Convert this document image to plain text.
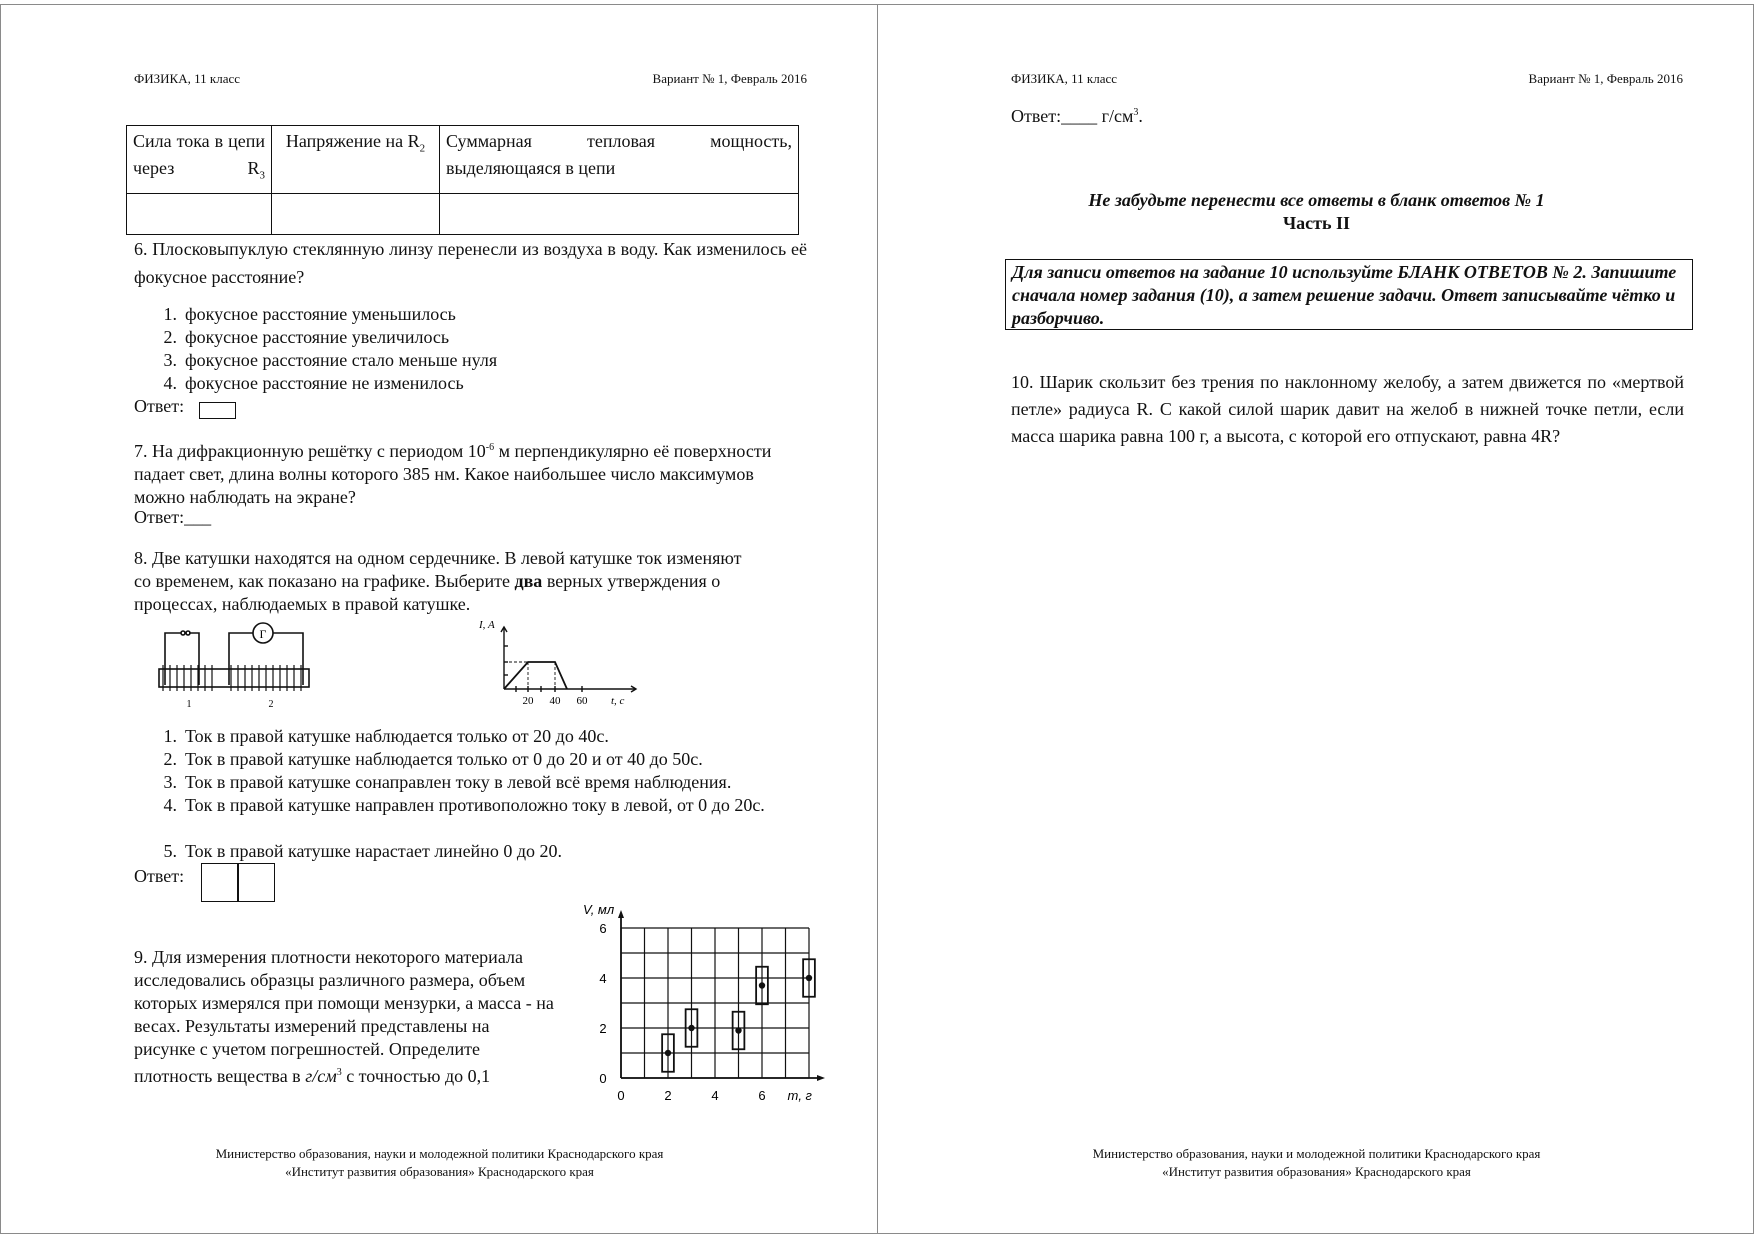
ФИЗИКА, 11 класс	Вариант № 1, Февраль 2016
Сила тока в цепи через $R_3$	Напряжение на $R_2$	Суммарная тепловая мощность, выделяющаяся в цепи

6. Плосковыпуклую стеклянную линзу перенесли из воздуха в воду. Как изменилось её фокусное расстояние?
1. фокусное расстояние уменьшилось
2. фокусное расстояние увеличилось
3. фокусное расстояние стало меньше нуля
4. фокусное расстояние не изменилось
Ответ:
7. На дифракционную решётку с периодом $10^{-6}$ м перпендикулярно её поверхности падает свет, длина волны которого 385 нм. Какое наибольшее число максимумов можно наблюдать на экране?
Ответ:___
8. Две катушки находятся на одном сердечнике. В левой катушке ток изменяют со временем, как показано на графике. Выберите два верных утверждения о процессах, наблюдаемых в правой катушке.
Г
1	2
I, A
20 40 60 t, c
1. Ток в правой катушке наблюдается только от 20 до 40с.
2. Ток в правой катушке наблюдается только от 0 до 20 и от 40 до 50с.
3. Ток в правой катушке сонаправлен току в левой всё время наблюдения.
4. Ток в правой катушке направлен противоположно току в левой, от 0 до 20с.
5. Ток в правой катушке нарастает линейно 0 до 20.
Ответ:
9. Для измерения плотности некоторого материала исследовались образцы различного размера, объем которых измерялся при помощи мензурки, а масса - на весах. Результаты измерений представлены на рисунке с учетом погрешностей. Определите плотность вещества в $г/см^3$ с точностью до 0,1
0	2	4	6
0
2
4
6
m, г
V, мл
Министерство образования, науки и молодежной политики Краснодарского края
«Институт развития образования» Краснодарского края
ФИЗИКА, 11 класс	Вариант № 1, Февраль 2016
Ответ:____ $г/см^3$.
Не забудьте перенести все ответы в бланк ответов № 1
Часть II
Для записи ответов на задание 10 используйте БЛАНК ОТВЕТОВ № 2. Запишите сначала номер задания (10), а затем решение задачи. Ответ записывайте чётко и разборчиво.
10. Шарик скользит без трения по наклонному желобу, а затем движется по «мертвой петле» радиуса R. С какой силой шарик давит на желоб в нижней точке петли, если масса шарика равна 100 г, а высота, с которой его отпускают, равна 4R?
Министерство образования, науки и молодежной политики Краснодарского края
«Институт развития образования» Краснодарского края
